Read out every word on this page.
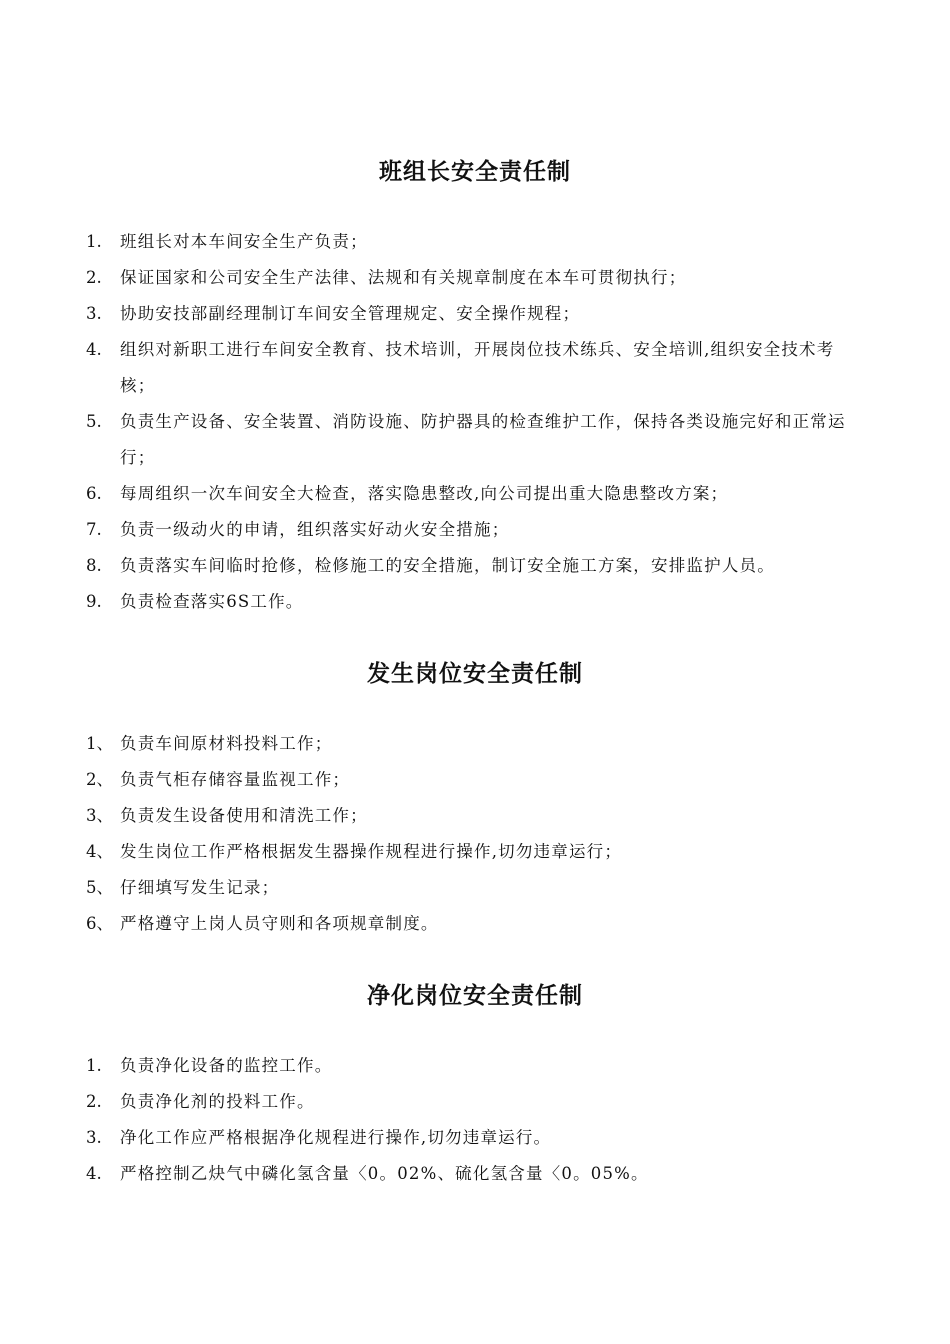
班组长安全责任制
1. 班组长对本车间安全生产负责；
2. 保证国家和公司安全生产法律、法规和有关规章制度在本车可贯彻执行；
3. 协助安技部副经理制订车间安全管理规定、安全操作规程；
4. 组织对新职工进行车间安全教育、技术培训，开展岗位技术练兵、安全培训,组织安全技术考核；
5. 负责生产设备、安全装置、消防设施、防护器具的检查维护工作，保持各类设施完好和正常运行；
6. 每周组织一次车间安全大检查，落实隐患整改,向公司提出重大隐患整改方案；
7. 负责一级动火的申请，组织落实好动火安全措施；
8. 负责落实车间临时抢修，检修施工的安全措施，制订安全施工方案，安排监护人员。
9. 负责检查落实6S工作。
发生岗位安全责任制
1、 负责车间原材料投料工作；
2、 负责气柜存储容量监视工作；
3、 负责发生设备使用和清洗工作；
4、 发生岗位工作严格根据发生器操作规程进行操作,切勿违章运行；
5、 仔细填写发生记录；
6、 严格遵守上岗人员守则和各项规章制度。
净化岗位安全责任制
1. 负责净化设备的监控工作。
2. 负责净化剂的投料工作。
3. 净化工作应严格根据净化规程进行操作,切勿违章运行。
4. 严格控制乙炔气中磷化氢含量〈0。02%、硫化氢含量〈0。05%。
